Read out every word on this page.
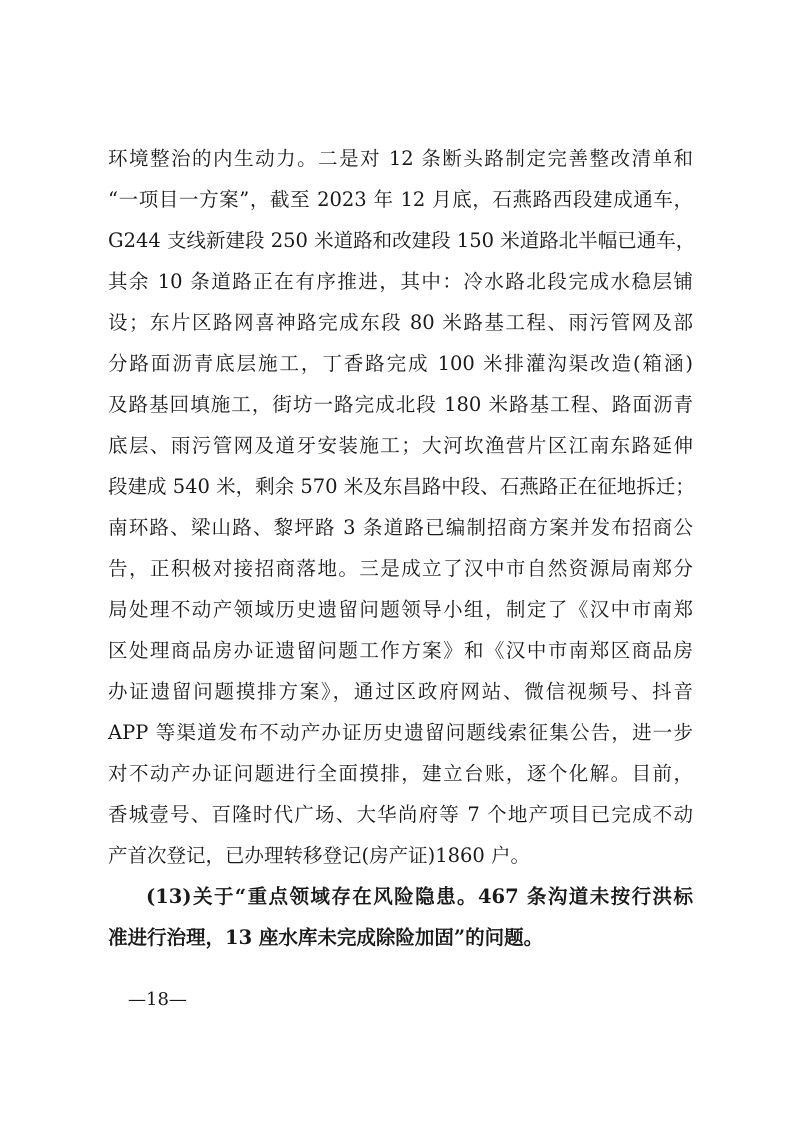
环境整治的内生动力。二是对 12 条断头路制定完善整改清单和
“一项目一方案”，截至 2023 年 12 月底，石燕路西段建成通车，
G244 支线新建段 250 米道路和改建段 150 米道路北半幅已通车，
其余 10 条道路正在有序推进，其中：冷水路北段完成水稳层铺
设；东片区路网喜神路完成东段 80 米路基工程、雨污管网及部
分路面沥青底层施工，丁香路完成 100 米排灌沟渠改造(箱涵)
及路基回填施工，街坊一路完成北段 180 米路基工程、路面沥青
底层、雨污管网及道牙安装施工；大河坎渔营片区江南东路延伸
段建成 540 米，剩余 570 米及东昌路中段、石燕路正在征地拆迁；
南环路、梁山路、黎坪路 3 条道路已编制招商方案并发布招商公
告，正积极对接招商落地。三是成立了汉中市自然资源局南郑分
局处理不动产领域历史遗留问题领导小组，制定了《汉中市南郑
区处理商品房办证遗留问题工作方案》和《汉中市南郑区商品房
办证遗留问题摸排方案》，通过区政府网站、微信视频号、抖音
APP 等渠道发布不动产办证历史遗留问题线索征集公告，进一步
对不动产办证问题进行全面摸排，建立台账，逐个化解。目前，
香城壹号、百隆时代广场、大华尚府等 7 个地产项目已完成不动
产首次登记，已办理转移登记(房产证)1860 户。
(13)关于“重点领域存在风险隐患。467 条沟道未按行洪标
准进行治理，13 座水库未完成除险加固”的问题。
—18—
